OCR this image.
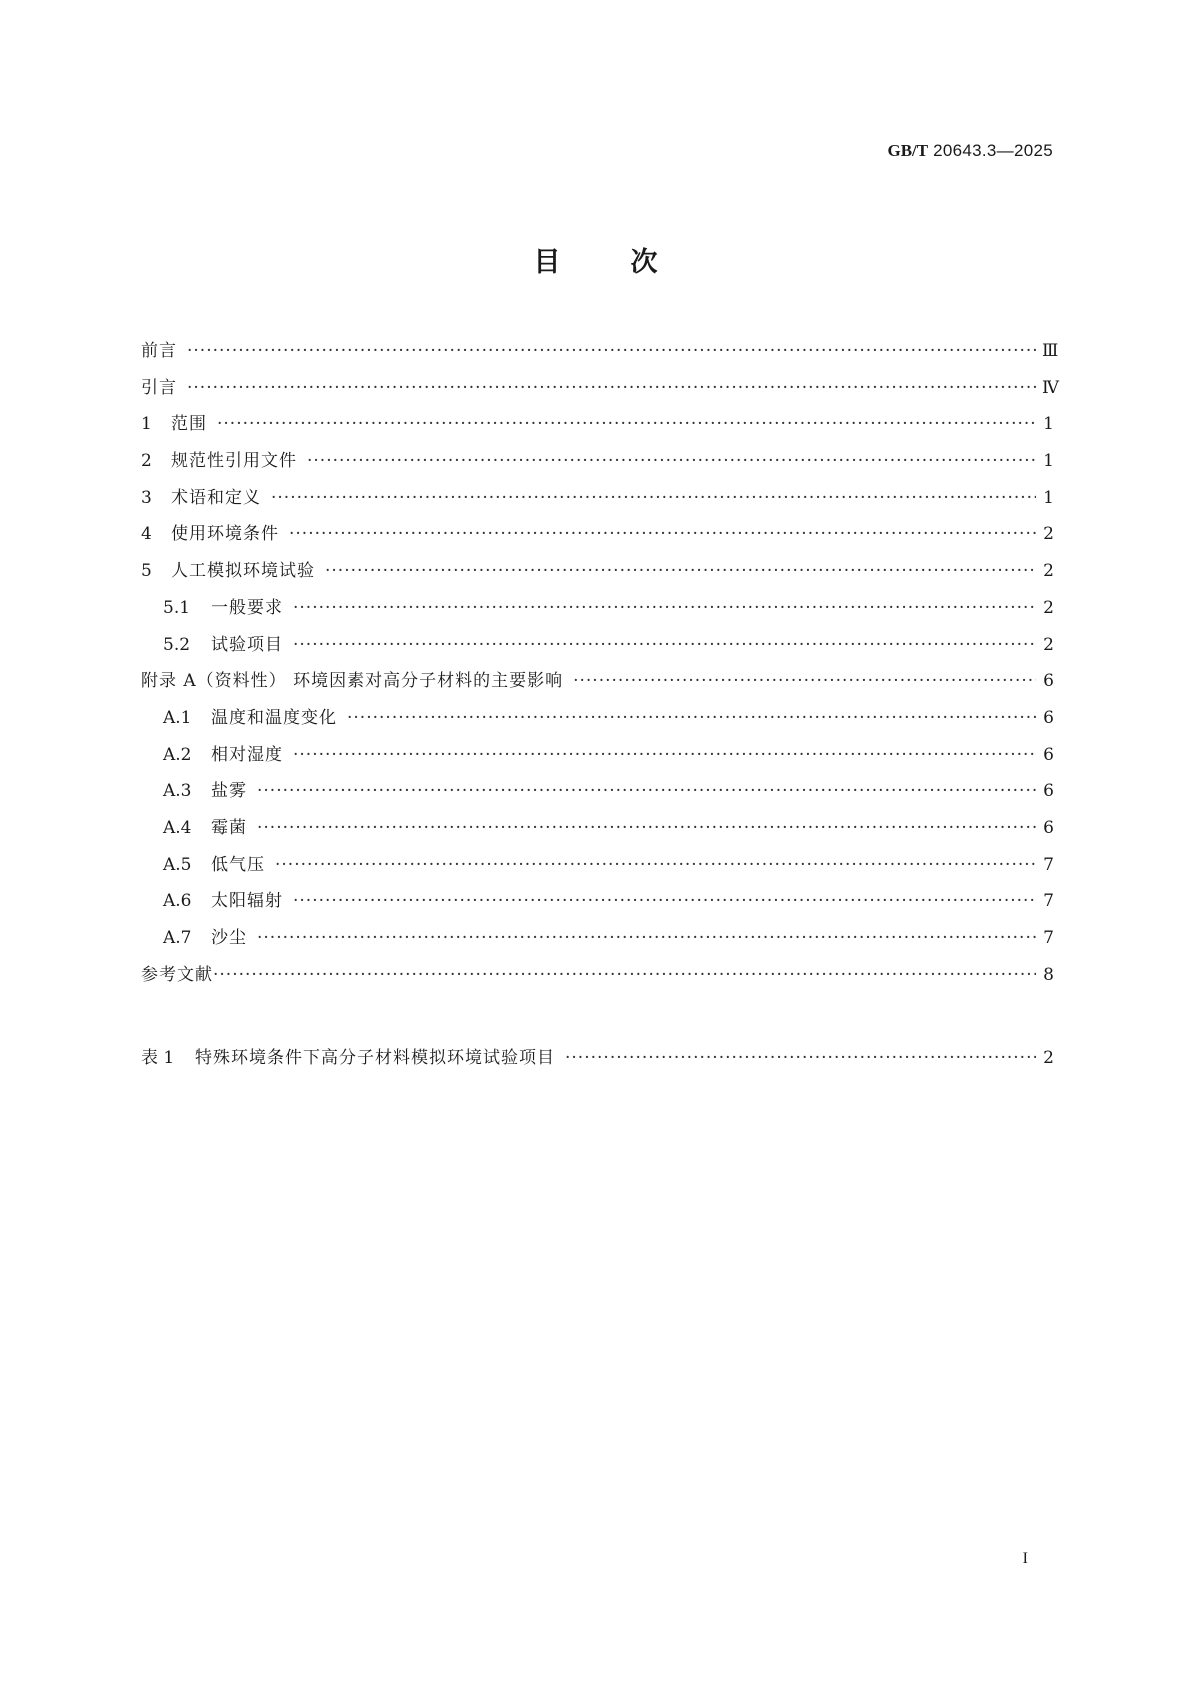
GB/T 20643.3—2025
目次
前言 ·····	Ⅲ
引言 ·····	Ⅳ
1	范围 ·····	1
2	规范性引用文件 ·····	1
3	术语和定义 ·····	1
4	使用环境条件 ·····	2
5	人工模拟环境试验 ·····	2
5.1	一般要求 ·····	2
5.2	试验项目 ·····	2
附录 A（资料性） 环境因素对高分子材料的主要影响 ·····	6
A.1	温度和温度变化 ·····	6
A.2	相对湿度 ·····	6
A.3	盐雾 ·····	6
A.4	霉菌 ·····	6
A.5	低气压 ·····	7
A.6	太阳辐射 ·····	7
A.7	沙尘 ·····	7
参考文献 ·····	8
表 1	特殊环境条件下高分子材料模拟环境试验项目 ·····	2
I
